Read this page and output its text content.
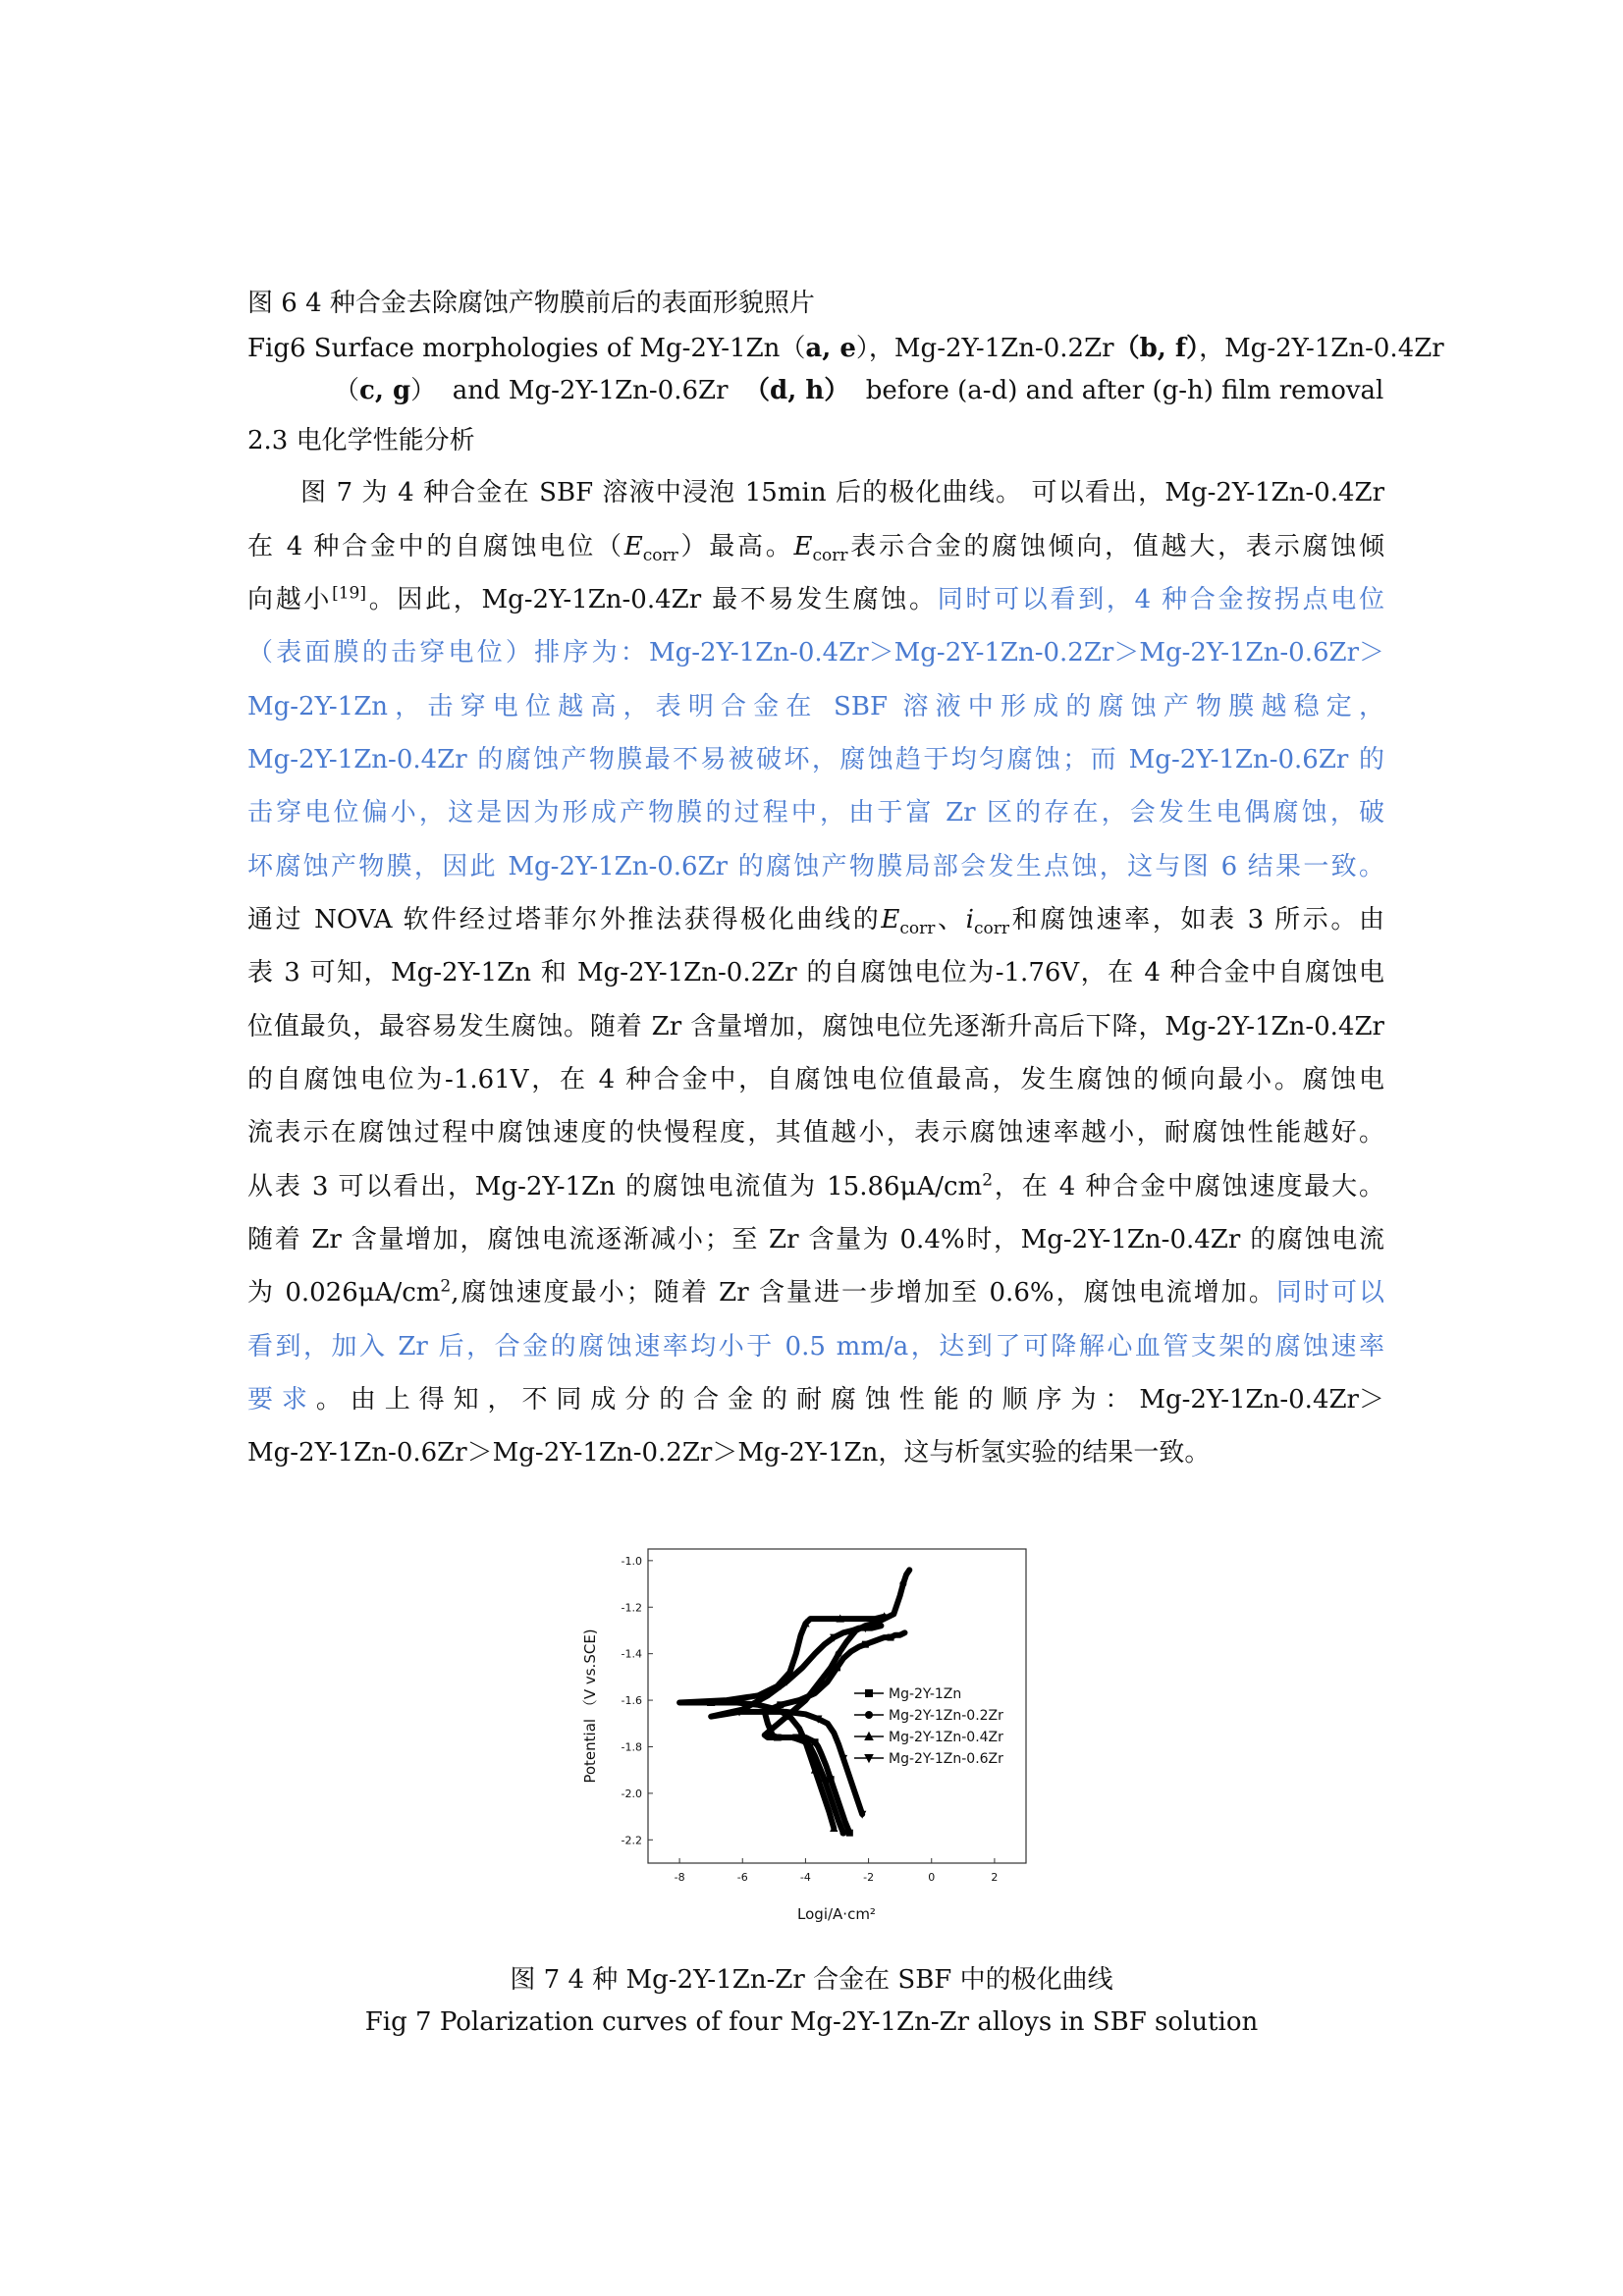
图 6 4 种合金去除腐蚀产物膜前后的表面形貌照片
Fig6 Surface morphologies of Mg-2Y-1Zn（a, e），Mg-2Y-1Zn-0.2Zr（b, f），Mg-2Y-1Zn-0.4Zr
（c, g） and Mg-2Y-1Zn-0.6Zr （d, h） before (a-d) and after (g-h) film removal
2.3 电化学性能分析
图 7 为 4 种合金在 SBF 溶液中浸泡 15min 后的极化曲线。 可以看出，Mg-2Y-1Zn-0.4Zr
在 4 种合金中的自腐蚀电位$(E_{corr})$最高。$E_{corr}$表示合金的腐蚀倾向，值越大，表示腐蚀倾
向越小[19]。因此，Mg-2Y-1Zn-0.4Zr 最不易发生腐蚀。同时可以看到，4 种合金按拐点电位
（表面膜的击穿电位）排序为：Mg-2Y-1Zn-0.4Zr＞Mg-2Y-1Zn-0.2Zr＞Mg-2Y-1Zn-0.6Zr＞
Mg-2Y-1Zn，击穿电位越高，表明合金在 SBF 溶液中形成的腐蚀产物膜越稳定，
Mg-2Y-1Zn-0.4Zr 的腐蚀产物膜最不易被破坏，腐蚀趋于均匀腐蚀；而 Mg-2Y-1Zn-0.6Zr 的
击穿电位偏小，这是因为形成产物膜的过程中，由于富 Zr 区的存在，会发生电偶腐蚀，破
坏腐蚀产物膜，因此 Mg-2Y-1Zn-0.6Zr 的腐蚀产物膜局部会发生点蚀，这与图 6 结果一致。
通过 NOVA 软件经过塔菲尔外推法获得极化曲线的$E_{corr}$、$i_{corr}$和腐蚀速率，如表 3 所示。由
表 3 可知，Mg-2Y-1Zn 和 Mg-2Y-1Zn-0.2Zr 的自腐蚀电位为-1.76V，在 4 种合金中自腐蚀电
位值最负，最容易发生腐蚀。随着 Zr 含量增加，腐蚀电位先逐渐升高后下降，Mg-2Y-1Zn-0.4Zr
的自腐蚀电位为-1.61V，在 4 种合金中，自腐蚀电位值最高，发生腐蚀的倾向最小。腐蚀电
流表示在腐蚀过程中腐蚀速度的快慢程度，其值越小，表示腐蚀速率越小，耐腐蚀性能越好。
从表 3 可以看出，Mg-2Y-1Zn 的腐蚀电流值为 $15.86\mu A/cm^2$，在 4 种合金中腐蚀速度最大。
随着 Zr 含量增加，腐蚀电流逐渐减小；至 Zr 含量为 0.4%时，Mg-2Y-1Zn-0.4Zr 的腐蚀电流
为 $0.026\mu A/cm^2$,腐蚀速度最小；随着 Zr 含量进一步增加至 0.6%，腐蚀电流增加。同时可以
看到，加入 Zr 后，合金的腐蚀速率均小于 0.5 mm/a，达到了可降解心血管支架的腐蚀速率
要求。由上得知，不同成分的合金的耐腐蚀性能的顺序为：Mg-2Y-1Zn-0.4Zr＞
Mg-2Y-1Zn-0.6Zr＞Mg-2Y-1Zn-0.2Zr＞Mg-2Y-1Zn，这与析氢实验的结果一致。
-8	-6	-4	-2	0	2
-1.0
-1.2
-1.4
-1.6
-1.8
-2.0
-2.2
Mg-2Y-1Zn
Mg-2Y-1Zn-0.2Zr
Mg-2Y-1Zn-0.4Zr
Mg-2Y-1Zn-0.6Zr
Logi/A·cm²
Potential （V vs.SCE)
图 7 4 种 Mg-2Y-1Zn-Zr 合金在 SBF 中的极化曲线
Fig 7 Polarization curves of four Mg-2Y-1Zn-Zr alloys in SBF solution
